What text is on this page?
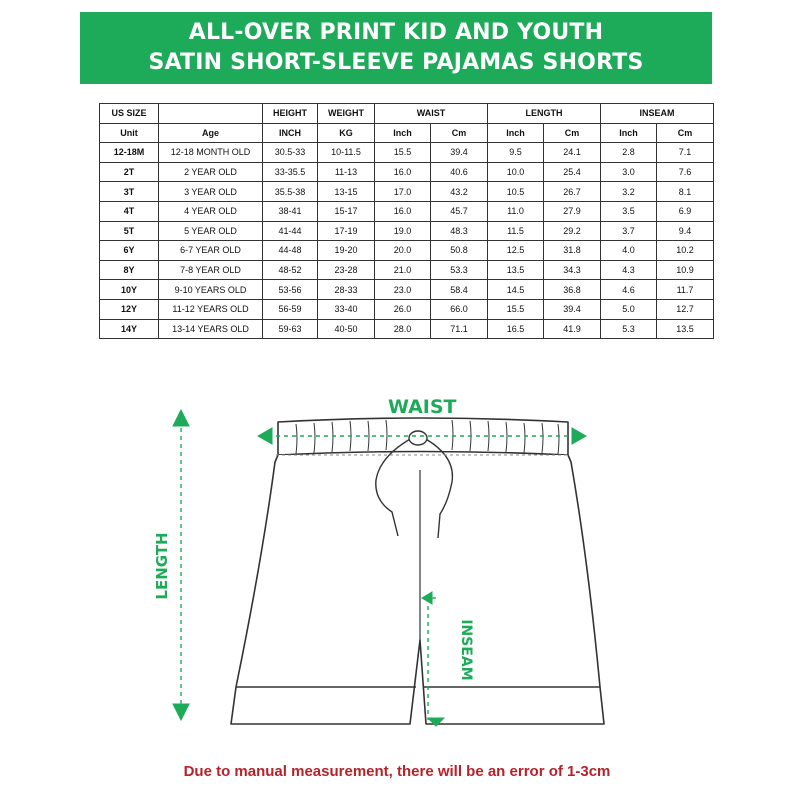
ALL-OVER PRINT KID AND YOUTH
SATIN SHORT-SLEEVE PAJAMAS SHORTS
US SIZE		HEIGHT	WEIGHT	WAIST		LENGTH		INSEAM	
Unit	Age	INCH	KG	Inch	Cm	Inch	Cm	Inch	Cm
12-18M	12-18 MONTH OLD	30.5-33	10-11.5	15.5	39.4	9.5	24.1	2.8	7.1
2T	2 YEAR OLD	33-35.5	11-13	16.0	40.6	10.0	25.4	3.0	7.6
3T	3 YEAR OLD	35.5-38	13-15	17.0	43.2	10.5	26.7	3.2	8.1
4T	4 YEAR OLD	38-41	15-17	16.0	45.7	11.0	27.9	3.5	6.9
5T	5 YEAR OLD	41-44	17-19	19.0	48.3	11.5	29.2	3.7	9.4
6Y	6-7 YEAR OLD	44-48	19-20	20.0	50.8	12.5	31.8	4.0	10.2
8Y	7-8 YEAR OLD	48-52	23-28	21.0	53.3	13.5	34.3	4.3	10.9
10Y	9-10 YEARS OLD	53-56	28-33	23.0	58.4	14.5	36.8	4.6	11.7
12Y	11-12 YEARS OLD	56-59	33-40	26.0	66.0	15.5	39.4	5.0	12.7
14Y	13-14 YEARS OLD	59-63	40-50	28.0	71.1	16.5	41.9	5.3	13.5
WAIST
LENGTH
INSEAM
Due to manual measurement, there will be an error of 1-3cm
